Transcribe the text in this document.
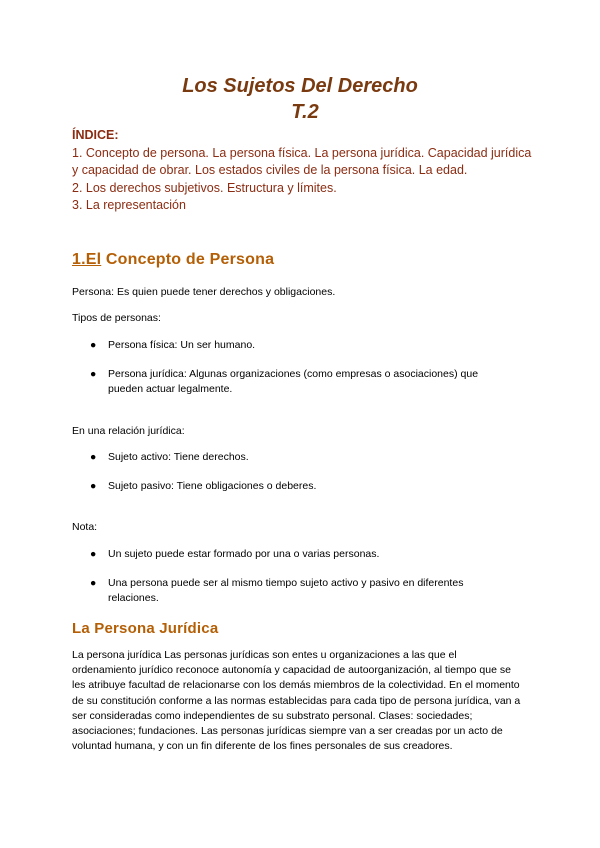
Los Sujetos Del Derecho
T.2
ÍNDICE:

1. Concepto de persona. La persona física. La persona jurídica. Capacidad jurídica y capacidad de obrar. Los estados civiles de la persona física. La edad.

2. Los derechos subjetivos. Estructura y límites.

3. La representación

1.El Concepto de Persona
Persona: Es quien puede tener derechos y obligaciones.
Tipos de personas:
●	Persona física: Un ser humano.
●	Persona jurídica: Algunas organizaciones (como empresas o asociaciones) que pueden actuar legalmente.
En una relación jurídica:
●	Sujeto activo: Tiene derechos.
●	Sujeto pasivo: Tiene obligaciones o deberes.
Nota:
●	Un sujeto puede estar formado por una o varias personas.
●	Una persona puede ser al mismo tiempo sujeto activo y pasivo en diferentes relaciones.
La Persona Jurídica
La persona jurídica Las personas jurídicas son entes u organizaciones a las que el ordenamiento jurídico reconoce autonomía y capacidad de autoorganización, al tiempo que se les atribuye facultad de relacionarse con los demás miembros de la colectividad. En el momento de su constitución conforme a las normas establecidas para cada tipo de persona jurídica, van a ser consideradas como independientes de su substrato personal. Clases: sociedades; asociaciones; fundaciones. Las personas jurídicas siempre van a ser creadas por un acto de voluntad humana, y con un fin diferente de los fines personales de sus creadores.
